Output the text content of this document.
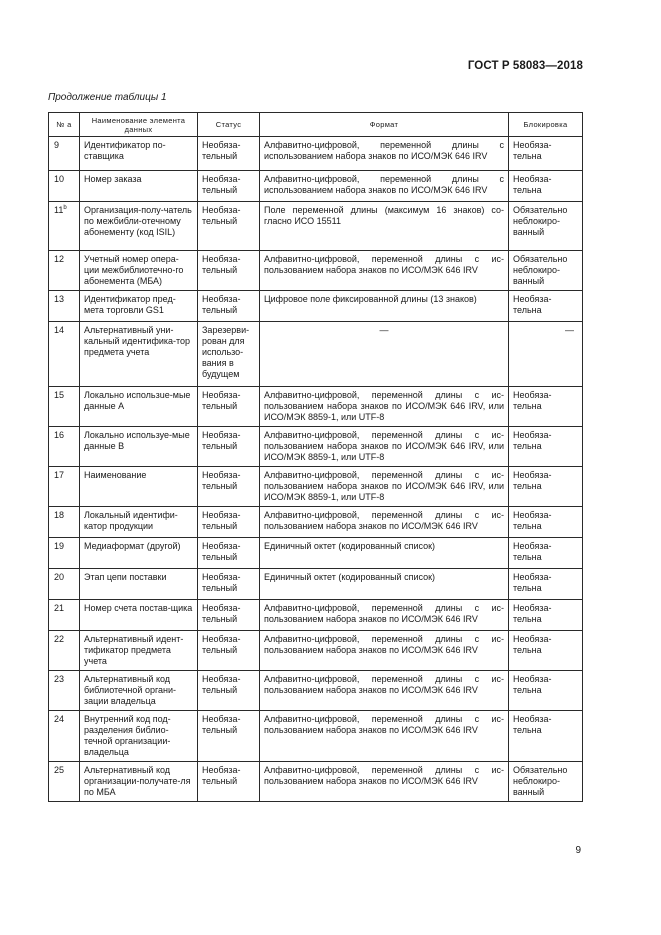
ГОСТ Р 58083—2018
Продолжение таблицы 1
№ а	Наименование элемента данных	Статус	Формат	Блокировка
9	Идентификатор по-ставщика	Необяза-тельный	Алфавитно-цифровой, переменной длины с использованием набора знаков по ИСО/МЭК 646 IRV	Необяза-тельна
10	Номер заказа	Необяза-тельный	Алфавитно-цифровой, переменной длины с использованием набора знаков по ИСО/МЭК 646 IRV	Необяза-тельна
11$^b$	Организация-полу-чатель по межбибли-отечному абонементу (код ISIL)	Необяза-тельный	Поле переменной длины (максимум 16 знаков) со-гласно ИСО 15511	Обязательно неблокиро-ванный
12	Учетный номер опера-ции межбиблиотечно-го абонемента (МБА)	Необяза-тельный	Алфавитно-цифровой, переменной длины с ис-пользованием набора знаков по ИСО/МЭК 646 IRV	Обязательно неблокиро-ванный
13	Идентификатор пред-мета торговли GS1	Необяза-тельный	Цифровое поле фиксированной длины (13 знаков)	Необяза-тельна
14	Альтернативный уни-кальный идентифика-тор предмета учета	Зарезерви-рован для использо-вания в будущем	—	—
15	Локально использue-мые данные А	Необяза-тельный	Алфавитно-цифровой, переменной длины с ис-пользованием набора знаков по ИСО/МЭК 646 IRV, или ИСО/МЭК 8859-1, или UTF-8	Необяза-тельна
16	Локально используе-мые данные В	Необяза-тельный	Алфавитно-цифровой, переменной длины с ис-пользованием набора знаков по ИСО/МЭК 646 IRV, или ИСО/МЭК 8859-1, или UTF-8	Необяза-тельна
17	Наименование	Необяза-тельный	Алфавитно-цифровой, переменной длины с ис-пользованием набора знаков по ИСО/МЭК 646 IRV, или ИСО/МЭК 8859-1, или UTF-8	Необяза-тельна
18	Локальный идентифи-катор продукции	Необяза-тельный	Алфавитно-цифровой, переменной длины с ис-пользованием набора знаков по ИСО/МЭК 646 IRV	Необяза-тельна
19	Медиаформат (другой)	Необяза-тельный	Единичный октет (кодированный список)	Необяза-тельна
20	Этап цепи поставки	Необяза-тельный	Единичный октет (кодированный список)	Необяза-тельна
21	Номер счета постав-щика	Необяза-тельный	Алфавитно-цифровой, переменной длины с ис-пользованием набора знаков по ИСО/МЭК 646 IRV	Необяза-тельна
22	Альтернативный идент-тификатор предмета учета	Необяза-тельный	Алфавитно-цифровой, переменной длины с ис-пользованием набора знаков по ИСО/МЭК 646 IRV	Необяза-тельна
23	Альтернативный код библиотечной органи-зации владельца	Необяза-тельный	Алфавитно-цифровой, переменной длины с ис-пользованием набора знаков по ИСО/МЭК 646 IRV	Необяза-тельна
24	Внутренний код под-разделения библио-течной организации-владельца	Необяза-тельный	Алфавитно-цифровой, переменной длины с ис-пользованием набора знаков по ИСО/МЭК 646 IRV	Необяза-тельна
25	Альтернативный код организации-получате-ля по МБА	Необяза-тельный	Алфавитно-цифровой, переменной длины с ис-пользованием набора знаков по ИСО/МЭК 646 IRV	Обязательно неблокиро-ванный
9
